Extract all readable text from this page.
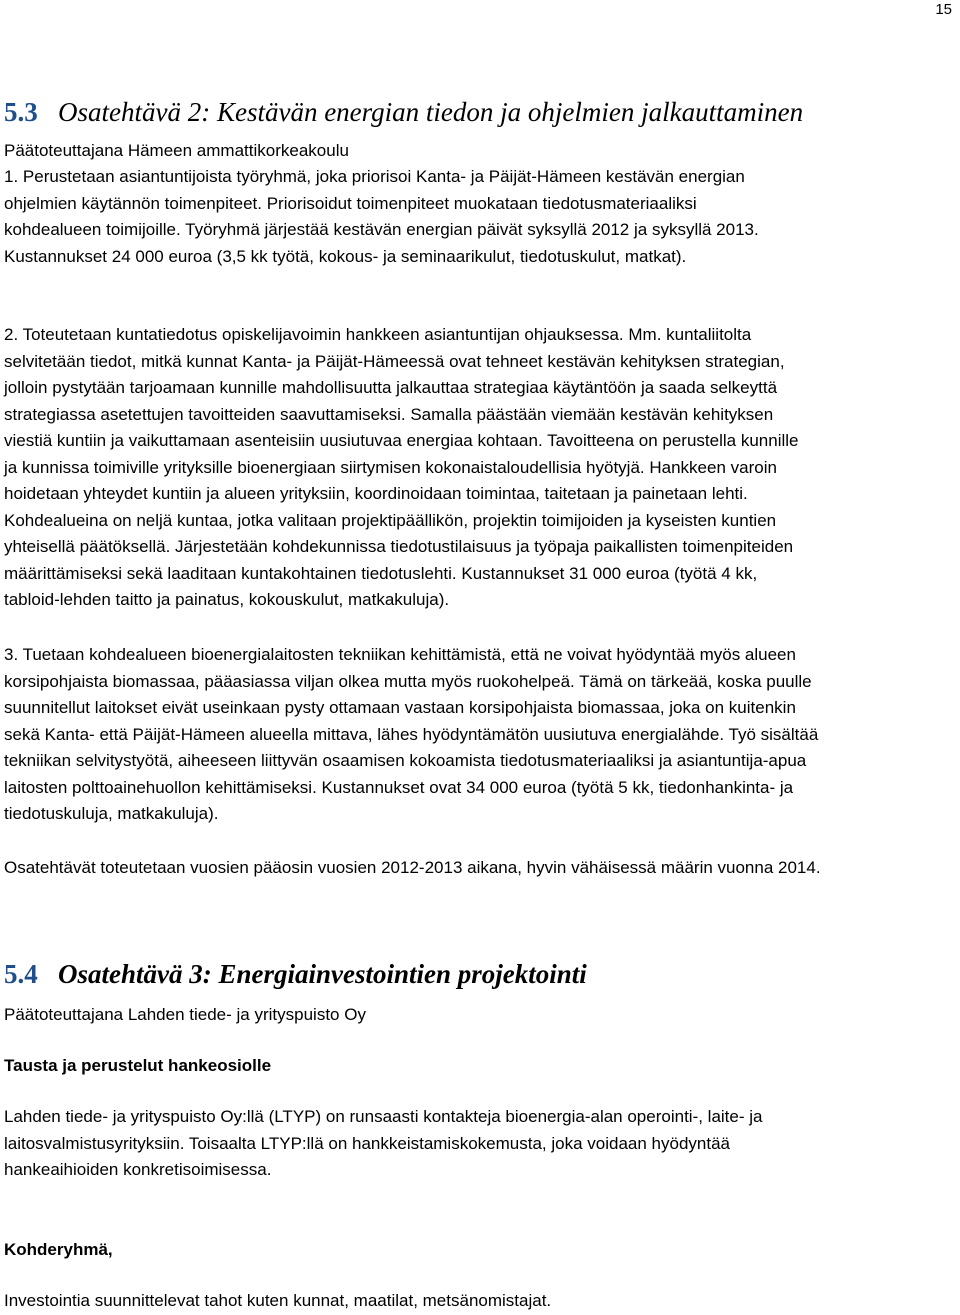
15
5.3 Osatehtävä 2: Kestävän energian tiedon ja ohjelmien jalkauttaminen

Päätoteuttajana Hämeen ammattikorkeakoulu

1. Perustetaan asiantuntijoista työryhmä, joka priorisoi Kanta- ja Päijät-Hämeen kestävän energian
ohjelmien käytännön toimenpiteet. Priorisoidut toimenpiteet muokataan tiedotusmateriaaliksi
kohdealueen toimijoille. Työryhmä järjestää kestävän energian päivät syksyllä 2012 ja syksyllä 2013.
Kustannukset 24 000 euroa (3,5 kk työtä, kokous- ja seminaarikulut, tiedotuskulut, matkat).

2. Toteutetaan kuntatiedotus opiskelijavoimin hankkeen asiantuntijan ohjauksessa. Mm. kuntaliitolta
selvitetään tiedot, mitkä kunnat Kanta- ja Päijät-Hämeessä ovat tehneet kestävän kehityksen strategian,
jolloin pystytään tarjoamaan kunnille mahdollisuutta jalkauttaa strategiaa käytäntöön ja saada selkeyttä
strategiassa asetettujen tavoitteiden saavuttamiseksi. Samalla päästään viemään kestävän kehityksen
viestiä kuntiin ja vaikuttamaan asenteisiin uusiutuvaa energiaa kohtaan. Tavoitteena on perustella kunnille
ja kunnissa toimiville yrityksille bioenergiaan siirtymisen kokonaistaloudellisia hyötyjä. Hankkeen varoin
hoidetaan yhteydet kuntiin ja alueen yrityksiin, koordinoidaan toimintaa, taitetaan ja painetaan lehti.
Kohdealueina on neljä kuntaa, jotka valitaan projektipäällikön, projektin toimijoiden ja kyseisten kuntien
yhteisellä päätöksellä. Järjestetään kohdekunnissa tiedotustilaisuus ja työpaja paikallisten toimenpiteiden
määrittämiseksi sekä laaditaan kuntakohtainen tiedotuslehti. Kustannukset 31 000 euroa (työtä 4 kk,
tabloid-lehden taitto ja painatus, kokouskulut, matkakuluja).

3. Tuetaan kohdealueen bioenergialaitosten tekniikan kehittämistä, että ne voivat hyödyntää myös alueen
korsipohjaista biomassaa, pääasiassa viljan olkea mutta myös ruokohelpeä. Tämä on tärkeää, koska puulle
suunnitellut laitokset eivät useinkaan pysty ottamaan vastaan korsipohjaista biomassaa, joka on kuitenkin
sekä Kanta- että Päijät-Hämeen alueella mittava, lähes hyödyntämätön uusiutuva energialähde. Työ sisältää
tekniikan selvitystyötä, aiheeseen liittyvän osaamisen kokoamista tiedotusmateriaaliksi ja asiantuntija-apua
laitosten polttoainehuollon kehittämiseksi. Kustannukset ovat 34 000 euroa (työtä 5 kk, tiedonhankinta- ja
tiedotuskuluja, matkakuluja).

Osatehtävät toteutetaan vuosien pääosin vuosien 2012-2013 aikana, hyvin vähäisessä määrin vuonna 2014.

5.4 Osatehtävä 3: Energiainvestointien projektointi

Päätoteuttajana Lahden tiede- ja yrityspuisto Oy

Tausta ja perustelut hankeosiolle

Lahden tiede- ja yrityspuisto Oy:llä (LTYP) on runsaasti kontakteja bioenergia-alan operointi-, laite- ja
laitosvalmistusyrityksiin. Toisaalta LTYP:llä on hankkeistamiskokemusta, joka voidaan hyödyntää
hankeaihioiden konkretisoimisessa.

Kohderyhmä,

Investointia suunnittelevat tahot kuten kunnat, maatilat, metsänomistajat.
